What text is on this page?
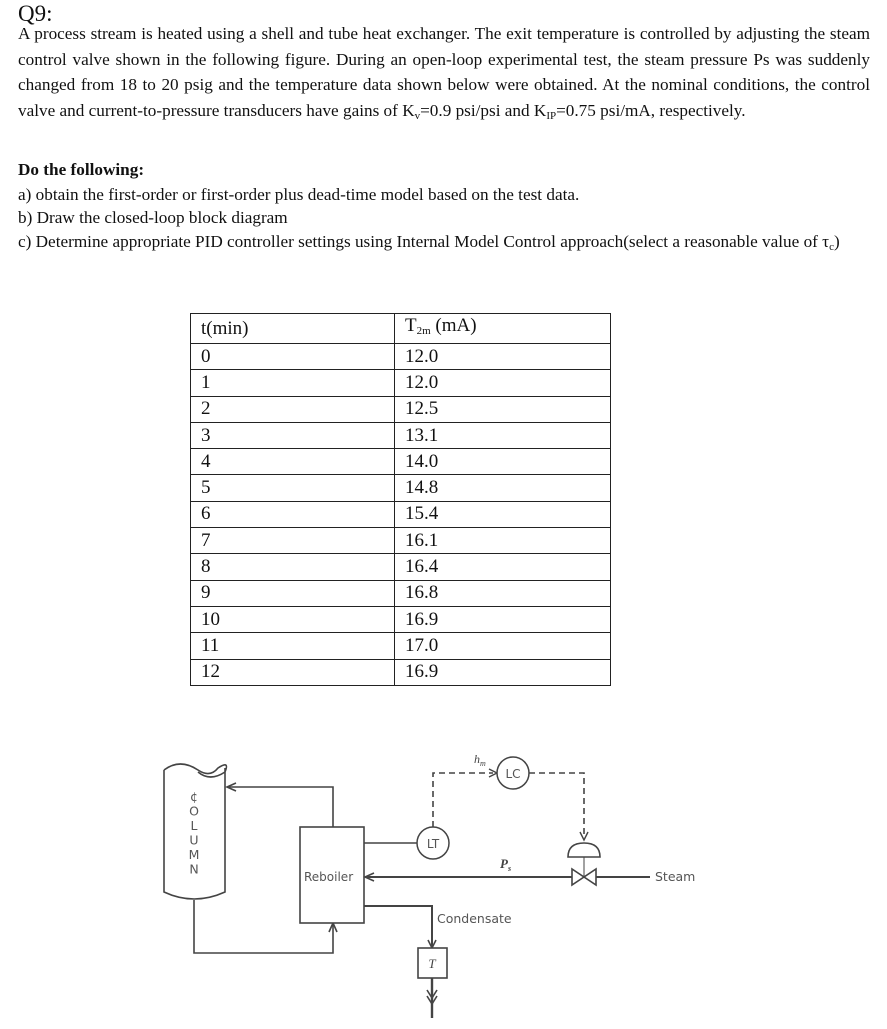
Q9:
A process stream is heated using a shell and tube heat exchanger. The exit temperature is controlled by adjusting the steam control valve shown in the following figure. During an open-loop experimental test, the steam pressure Ps was suddenly changed from 18 to 20 psig and the temperature data shown below were obtained. At the nominal conditions, the control valve and current-to-pressure transducers have gains of $K_v=0.9$ psi/psi and $K_{IP}=0.75$ psi/mA, respectively.
Do the following:
a) obtain the first-order or first-order plus dead-time model based on the test data.
b) Draw the closed-loop block diagram
c) Determine appropriate PID controller settings using Internal Model Control approach(select a reasonable value of $\tau_c$)
t(min)	$T_{2m}$ (mA)
0	12.0
1	12.0
2	12.5
3	13.1
4	14.0
5	14.8
6	15.4
7	16.1
8	16.4
9	16.8
10	16.9
11	17.0
12	16.9
¢
O
L
U
M
N
Reboiler
LT
LC
$h_m$
$P_s$
Steam
Condensate
T
